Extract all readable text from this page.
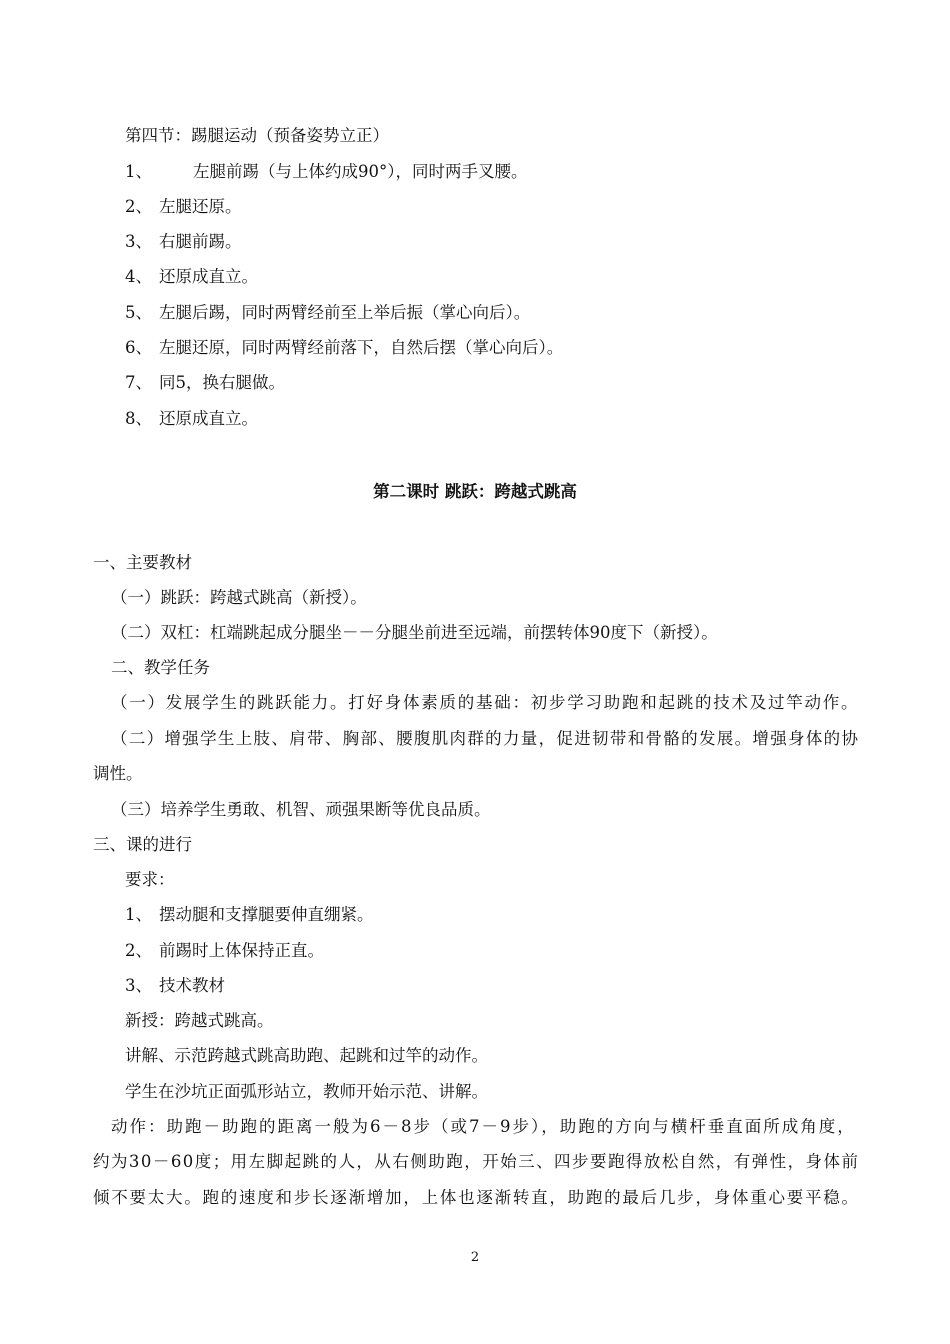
第四节：踢腿运动（预备姿势立正）
1、 左腿前踢（与上体约成90°），同时两手叉腰。
2、 左腿还原。
3、 右腿前踢。
4、 还原成直立。
5、 左腿后踢，同时两臂经前至上举后振（掌心向后）。
6、 左腿还原，同时两臂经前落下，自然后摆（掌心向后）。
7、 同5，换右腿做。
8、 还原成直立。
第二课时 跳跃：跨越式跳高
一、主要教材
（一）跳跃：跨越式跳高（新授）。
（二）双杠：杠端跳起成分腿坐－－分腿坐前进至远端，前摆转体90度下（新授）。
二、教学任务
（一）发展学生的跳跃能力。打好身体素质的基础：初步学习助跑和起跳的技术及过竿动作。
（二）增强学生上肢、肩带、胸部、腰腹肌肉群的力量，促进韧带和骨骼的发展。增强身体的协
调性。
（三）培养学生勇敢、机智、顽强果断等优良品质。
三、课的进行
要求：
1、 摆动腿和支撑腿要伸直绷紧。
2、 前踢时上体保持正直。
3、 技术教材
新授：跨越式跳高。
讲解、示范跨越式跳高助跑、起跳和过竿的动作。
学生在沙坑正面弧形站立，教师开始示范、讲解。
动作：助跑－助跑的距离一般为6－8步（或7－9步），助跑的方向与横杆垂直面所成角度，
约为30－60度；用左脚起跳的人，从右侧助跑，开始三、四步要跑得放松自然，有弹性，身体前
倾不要太大。跑的速度和步长逐渐增加，上体也逐渐转直，助跑的最后几步，身体重心要平稳。
2
